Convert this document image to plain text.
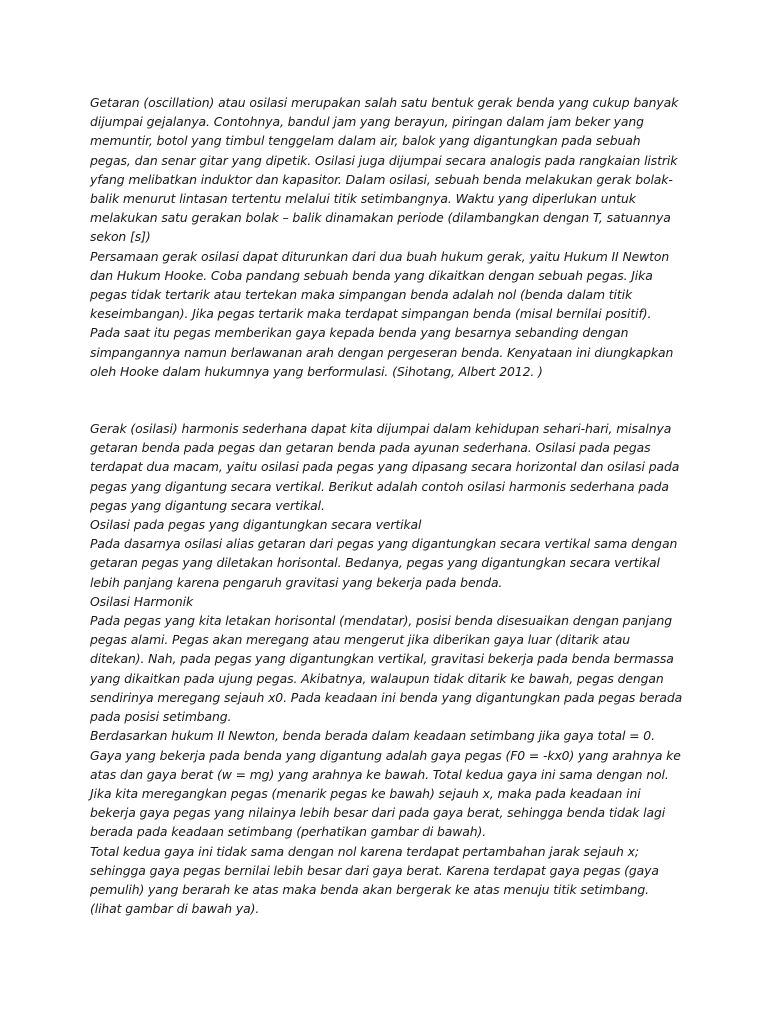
Getaran (oscillation) atau osilasi merupakan salah satu bentuk gerak benda yang cukup banyak
dijumpai gejalanya. Contohnya, bandul jam yang berayun, piringan dalam jam beker yang
memuntir, botol yang timbul tenggelam dalam air, balok yang digantungkan pada sebuah
pegas, dan senar gitar yang dipetik. Osilasi juga dijumpai secara analogis pada rangkaian listrik
yfang melibatkan induktor dan kapasitor. Dalam osilasi, sebuah benda melakukan gerak bolak-
balik menurut lintasan tertentu melalui titik setimbangnya. Waktu yang diperlukan untuk
melakukan satu gerakan bolak – balik dinamakan periode (dilambangkan dengan T, satuannya
sekon [s])
Persamaan gerak osilasi dapat diturunkan dari dua buah hukum gerak, yaitu Hukum II Newton
dan Hukum Hooke. Coba pandang sebuah benda yang dikaitkan dengan sebuah pegas. Jika
pegas tidak tertarik atau tertekan maka simpangan benda adalah nol (benda dalam titik
keseimbangan). Jika pegas tertarik maka terdapat simpangan benda (misal bernilai positif).
Pada saat itu pegas memberikan gaya kepada benda yang besarnya sebanding dengan
simpangannya namun berlawanan arah dengan pergeseran benda. Kenyataan ini diungkapkan
oleh Hooke dalam hukumnya yang berformulasi. (Sihotang, Albert 2012. )
Gerak (osilasi) harmonis sederhana dapat kita dijumpai dalam kehidupan sehari-hari, misalnya
getaran benda pada pegas dan getaran benda pada ayunan sederhana. Osilasi pada pegas
terdapat dua macam, yaitu osilasi pada pegas yang dipasang secara horizontal dan osilasi pada
pegas yang digantung secara vertikal. Berikut adalah contoh osilasi harmonis sederhana pada
pegas yang digantung secara vertikal.
Osilasi pada pegas yang digantungkan secara vertikal
Pada dasarnya osilasi alias getaran dari pegas yang digantungkan secara vertikal sama dengan
getaran pegas yang diletakan horisontal. Bedanya, pegas yang digantungkan secara vertikal
lebih panjang karena pengaruh gravitasi yang bekerja pada benda.
Osilasi Harmonik
Pada pegas yang kita letakan horisontal (mendatar), posisi benda disesuaikan dengan panjang
pegas alami. Pegas akan meregang atau mengerut jika diberikan gaya luar (ditarik atau
ditekan). Nah, pada pegas yang digantungkan vertikal, gravitasi bekerja pada benda bermassa
yang dikaitkan pada ujung pegas. Akibatnya, walaupun tidak ditarik ke bawah, pegas dengan
sendirinya meregang sejauh x0. Pada keadaan ini benda yang digantungkan pada pegas berada
pada posisi setimbang.
Berdasarkan hukum II Newton, benda berada dalam keadaan setimbang jika gaya total = 0.
Gaya yang bekerja pada benda yang digantung adalah gaya pegas (F0 = -kx0) yang arahnya ke
atas dan gaya berat (w = mg) yang arahnya ke bawah. Total kedua gaya ini sama dengan nol.
Jika kita meregangkan pegas (menarik pegas ke bawah) sejauh x, maka pada keadaan ini
bekerja gaya pegas yang nilainya lebih besar dari pada gaya berat, sehingga benda tidak lagi
berada pada keadaan setimbang (perhatikan gambar di bawah).
Total kedua gaya ini tidak sama dengan nol karena terdapat pertambahan jarak sejauh x;
sehingga gaya pegas bernilai lebih besar dari gaya berat. Karena terdapat gaya pegas (gaya
pemulih) yang berarah ke atas maka benda akan bergerak ke atas menuju titik setimbang.
(lihat gambar di bawah ya).
